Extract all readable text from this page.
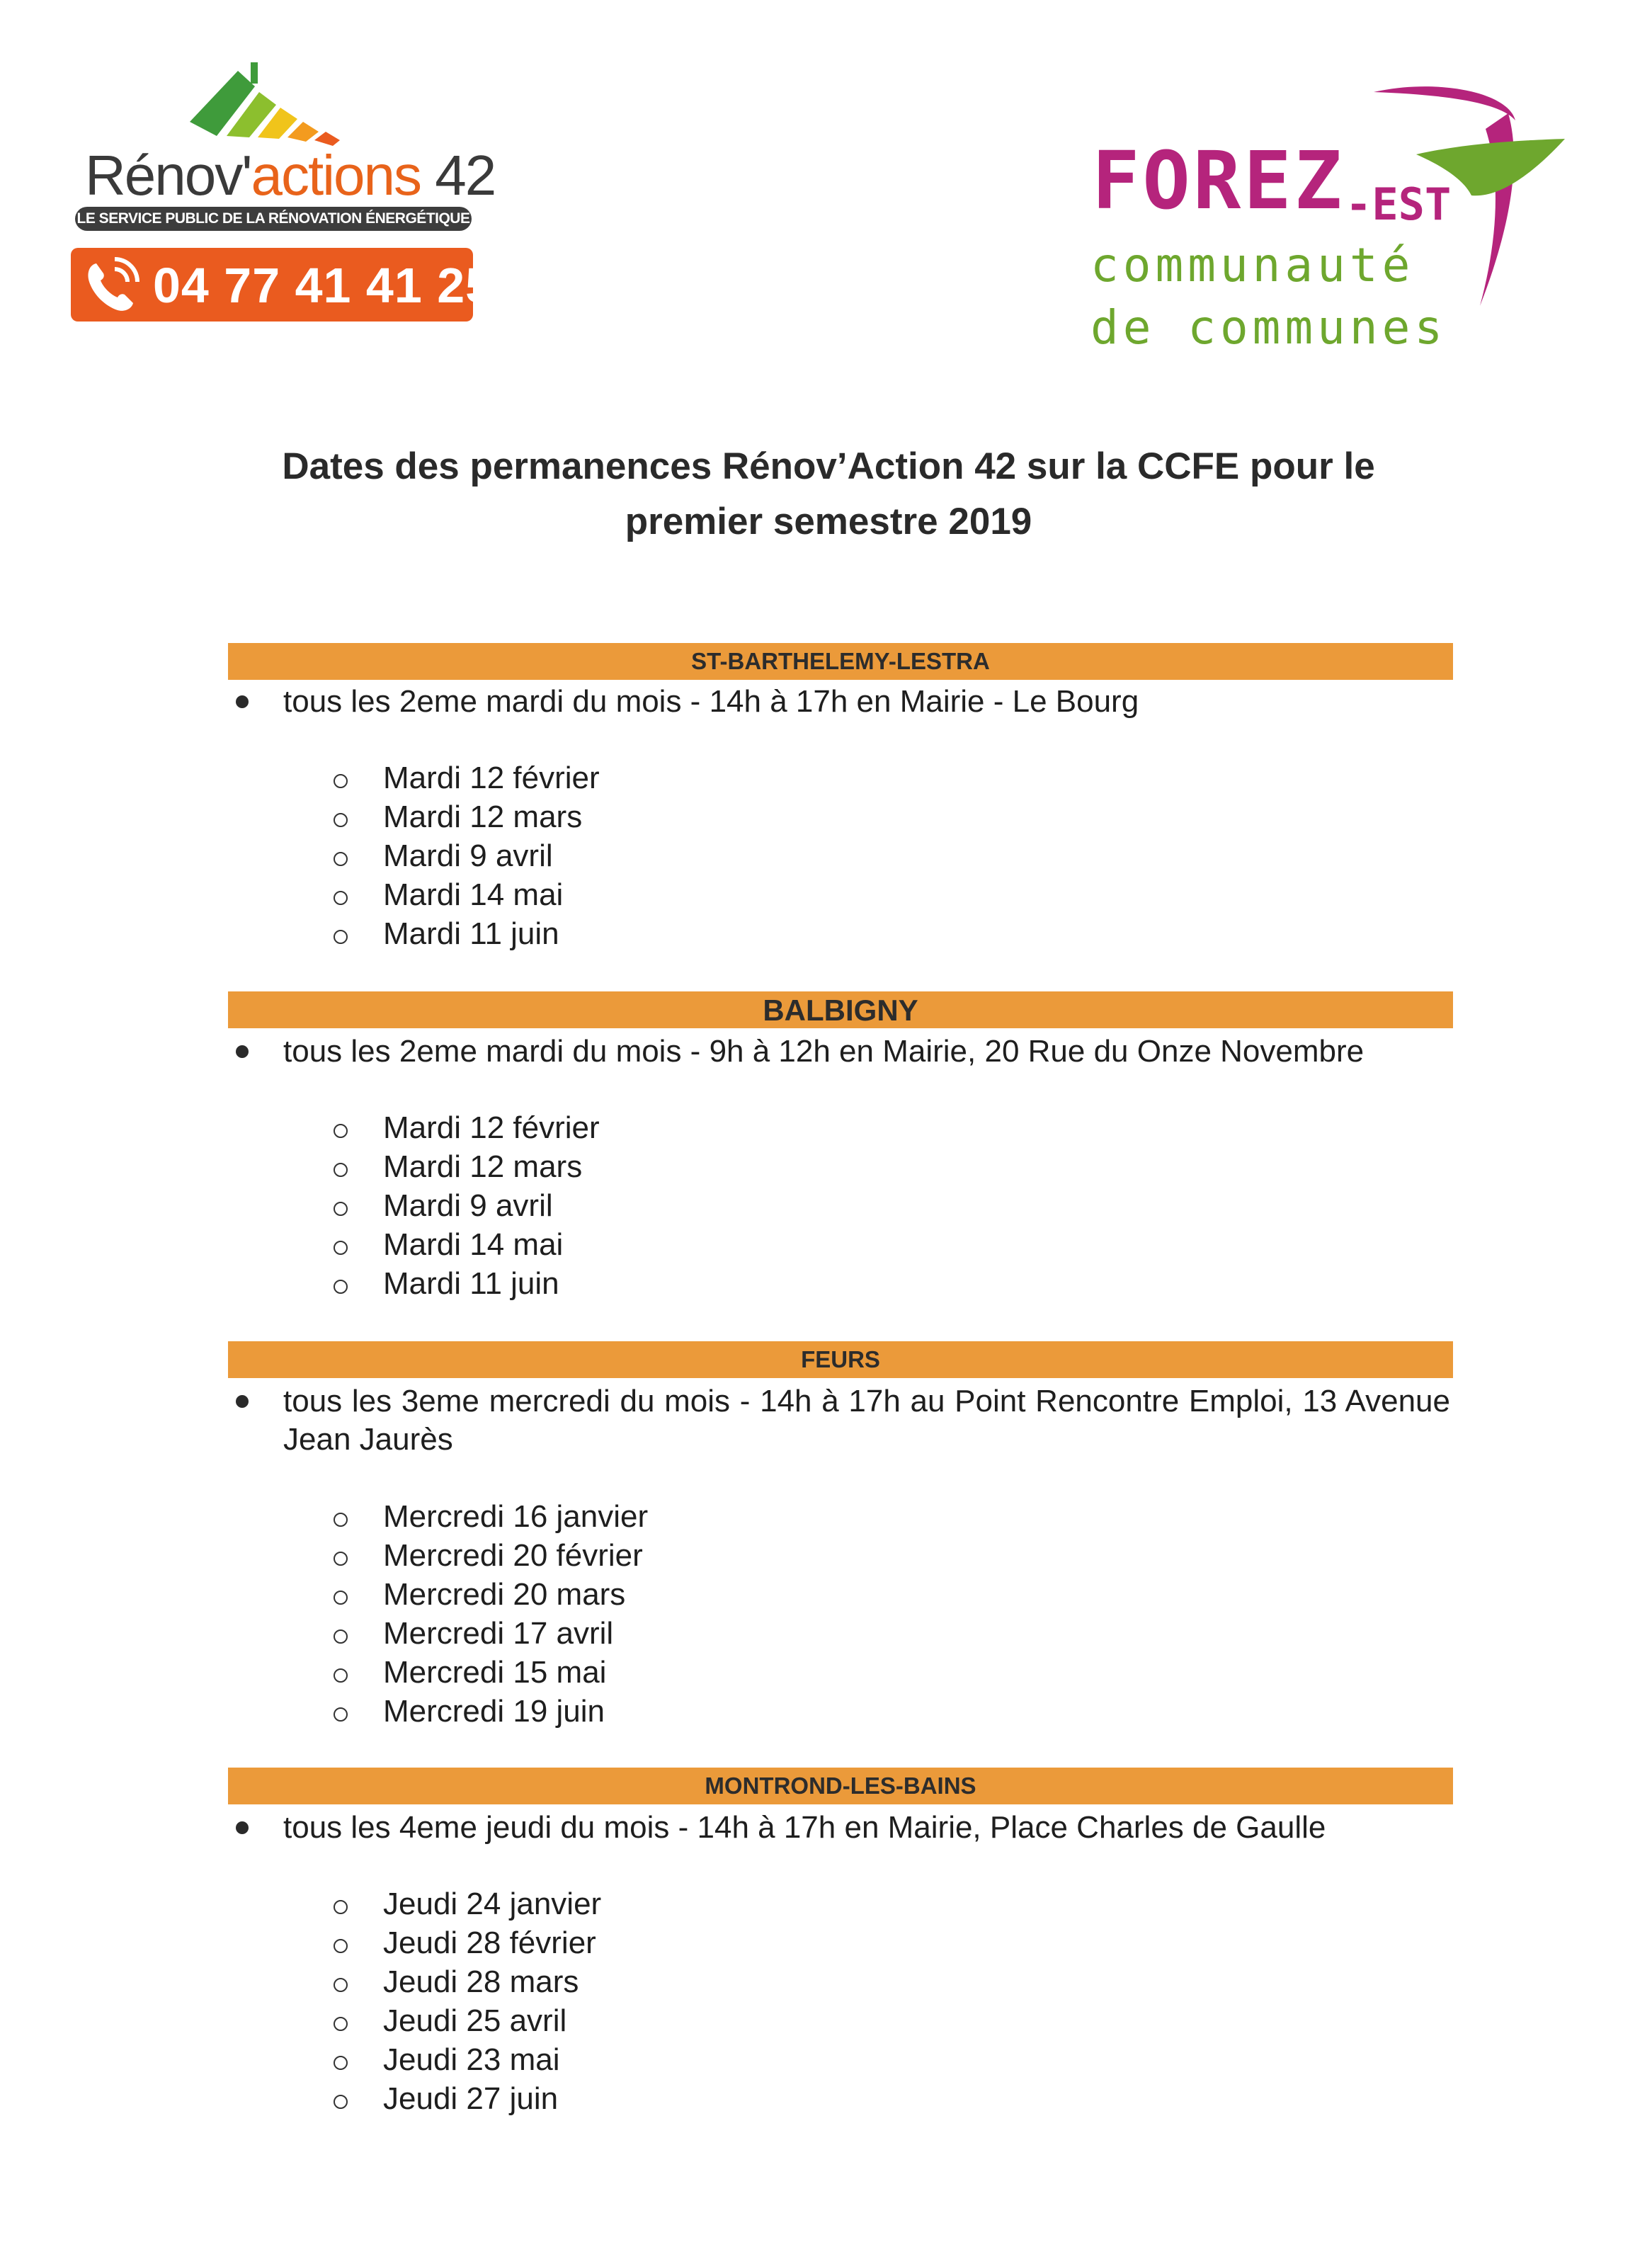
Rénov'actions 42
LE SERVICE PUBLIC DE LA RÉNOVATION ÉNERGÉTIQUE
04 77 41 41 25
FOREZ -EST
communauté
de communes
Dates des permanences Rénov’Action 42 sur la CCFE pour le
premier semestre 2019
ST-BARTHELEMY-LESTRA
tous les 2eme mardi du mois - 14h à 17h en Mairie - Le Bourg
Mardi 12 février
Mardi 12 mars
Mardi 9 avril
Mardi 14 mai
Mardi 11 juin
BALBIGNY
tous les 2eme mardi du mois - 9h à 12h en Mairie, 20 Rue du Onze Novembre
Mardi 12 février
Mardi 12 mars
Mardi 9 avril
Mardi 14 mai
Mardi 11 juin
FEURS
tous les 3eme mercredi du mois - 14h à 17h au Point Rencontre Emploi, 13 Avenue Jean Jaurès
Mercredi 16 janvier
Mercredi 20 février
Mercredi 20 mars
Mercredi 17 avril
Mercredi 15 mai
Mercredi 19 juin
MONTROND-LES-BAINS
tous les 4eme jeudi du mois - 14h à 17h en Mairie, Place Charles de Gaulle
Jeudi 24 janvier
Jeudi 28 février
Jeudi 28 mars
Jeudi 25 avril
Jeudi 23 mai
Jeudi 27 juin
